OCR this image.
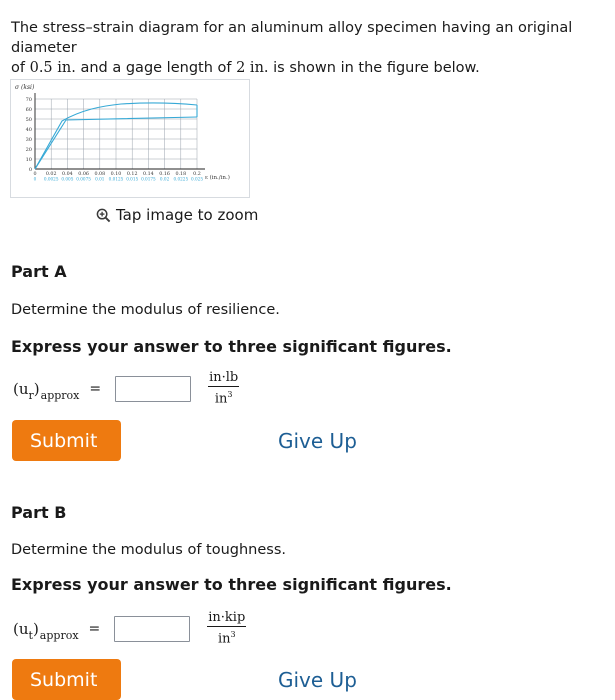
The stress–strain diagram for an aluminum alloy specimen having an original diameter
of 0.5 in. and a gage length of 2 in. is shown in the figure below.
σ (ksi)
0
10
20
30
40
50
60
70
0 0.02 0.04 0.06 0.08 0.10 0.12 0.14 0.16 0.18 0.2
0 0.0025 0.005 0.0075 0.01 0.0125 0.015 0.0175 0.02 0.0225 0.025 ε (in./in.)
Tap image to zoom
Part A
Determine the modulus of resilience.
Express your answer to three significant figures.
$(u_r)_{approx}$ =	$\frac{in\cdot lb}{in^3}$
Submit	Give Up
Part B
Determine the modulus of toughness.
Express your answer to three significant figures.
$(u_t)_{approx}$ =	$\frac{\text{in·kip}}{in^3}$
Submit	Give Up
